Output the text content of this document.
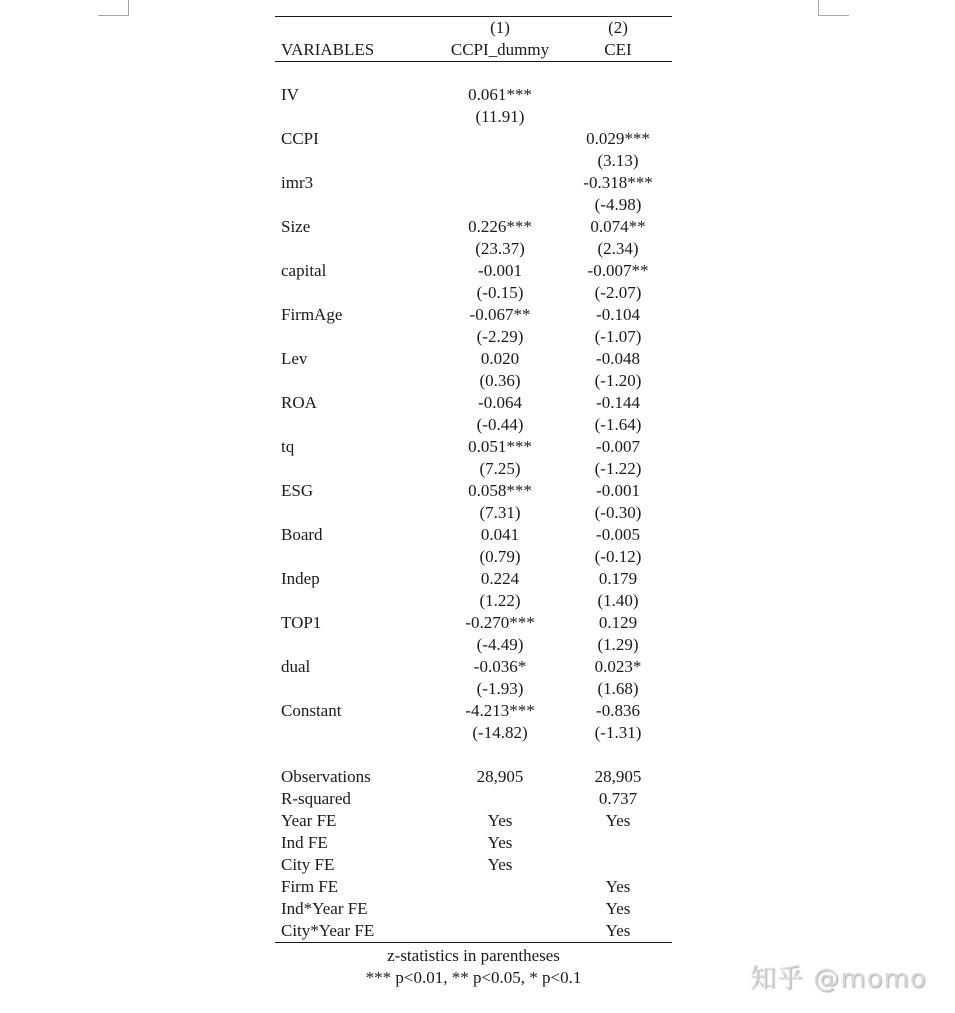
	(1)	(2)
VARIABLES	CCPI_dummy	CEI

IV	0.061***	
	(11.91)	
CCPI		0.029***
		(3.13)
imr3		-0.318***
		(-4.98)
Size	0.226***	0.074**
	(23.37)	(2.34)
capital	-0.001	-0.007**
	(-0.15)	(-2.07)
FirmAge	-0.067**	-0.104
	(-2.29)	(-1.07)
Lev	0.020	-0.048
	(0.36)	(-1.20)
ROA	-0.064	-0.144
	(-0.44)	(-1.64)
tq	0.051***	-0.007
	(7.25)	(-1.22)
ESG	0.058***	-0.001
	(7.31)	(-0.30)
Board	0.041	-0.005
	(0.79)	(-0.12)
Indep	0.224	0.179
	(1.22)	(1.40)
TOP1	-0.270***	0.129
	(-4.49)	(1.29)
dual	-0.036*	0.023*
	(-1.93)	(1.68)
Constant	-4.213***	-0.836
	(-14.82)	(-1.31)

Observations	28,905	28,905
R-squared		0.737
Year FE	Yes	Yes
Ind FE	Yes	
City FE	Yes	
Firm FE		Yes
Ind*Year FE		Yes
City*Year FE		Yes
z-statistics in parentheses
*** p<0.01, ** p<0.05, * p<0.1	知乎 @momo
